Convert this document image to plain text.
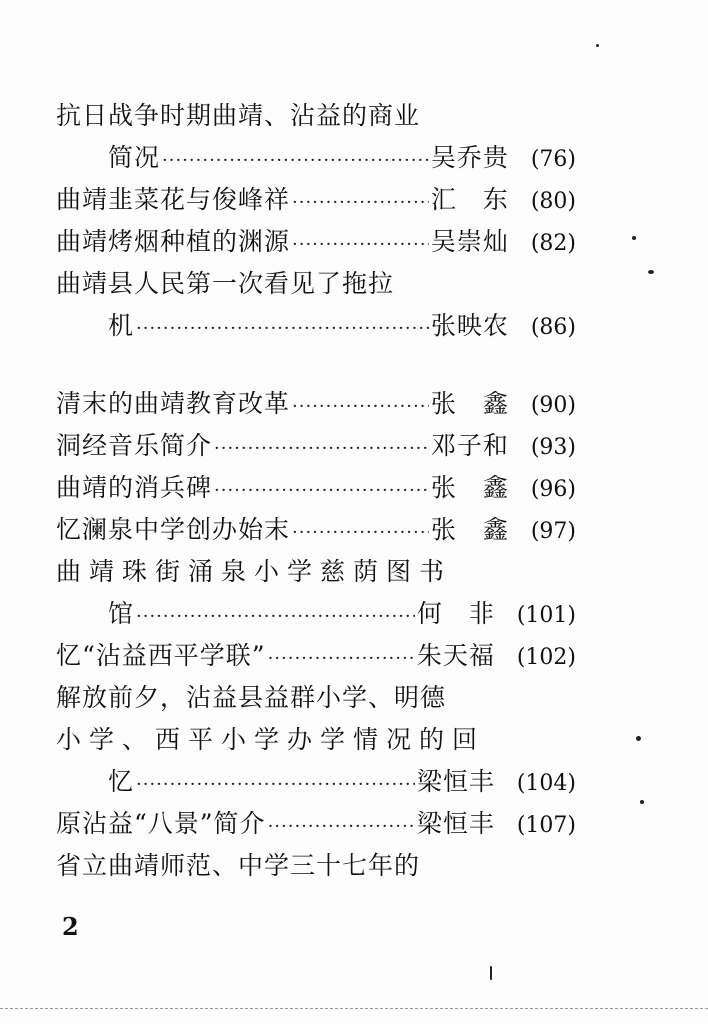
抗日战争时期曲靖、沾益的商业
简况 ·····	吴乔贵 (76)
曲靖韭菜花与俊峰祥 ·····	汇　东 (80)
曲靖烤烟种植的渊源 ·····	吴崇灿 (82)
曲靖县人民第一次看见了拖拉
机 ·····	张映农 (86)
清末的曲靖教育改革 ·····	张　鑫 (90)
洞经音乐简介 ·····	邓子和 (93)
曲靖的消兵碑 ·····	张　鑫 (96)
忆澜泉中学创办始末 ·····	张　鑫 (97)
曲靖珠街涌泉小学慈荫图书
馆 ·····	何　非 (101)
忆“沾益西平学联” ·····	朱天福 (102)
解放前夕，沾益县益群小学、明德
小学、西平小学办学情况的回
忆 ·····	梁恒丰 (104)
原沾益“八景”简介 ·····	梁恒丰 (107)
省立曲靖师范、中学三十七年的
2
